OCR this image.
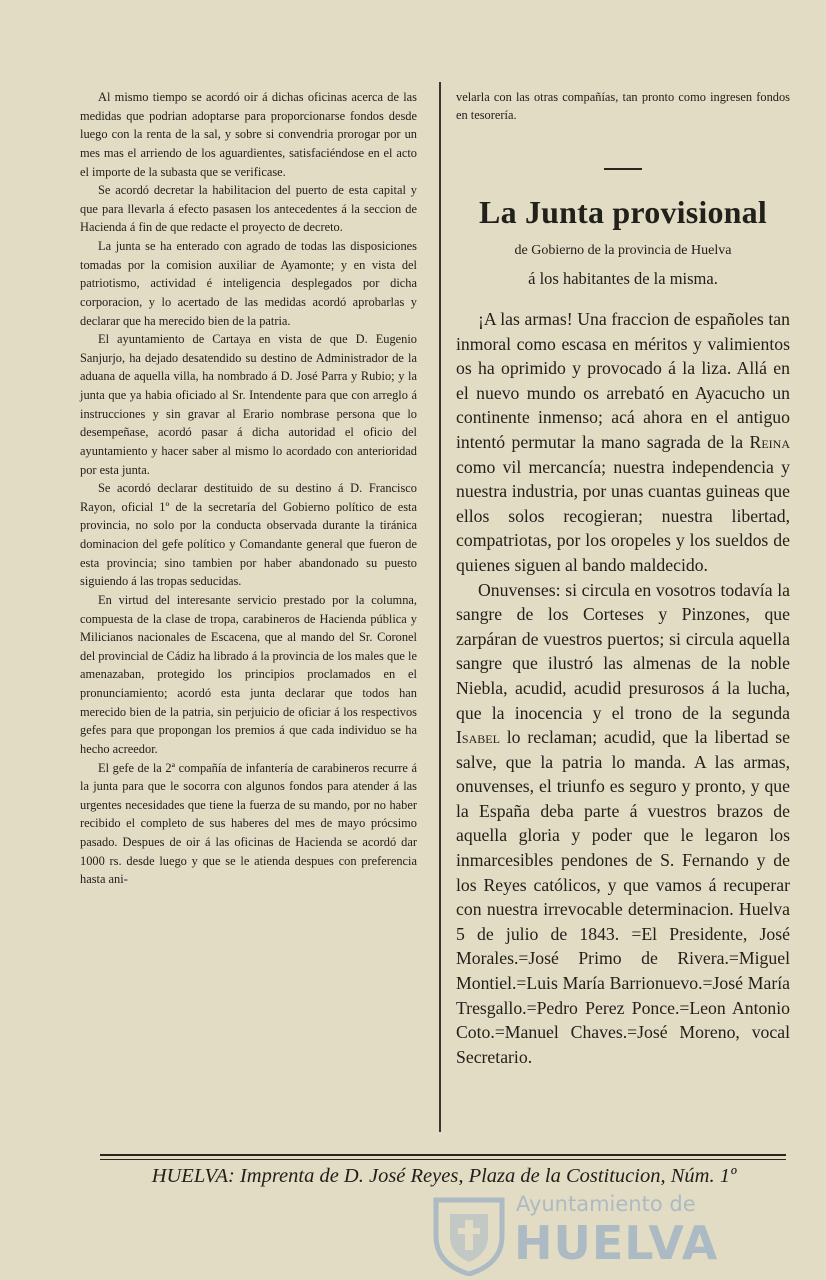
Al mismo tiempo se acordó oir á dichas oficinas acerca de las medidas que podrian adoptarse para proporcionarse fondos desde luego con la renta de la sal, y sobre si convendria prorogar por un mes mas el arriendo de los aguardientes, satisfaciéndose en el acto el importe de la subasta que se verificase.

Se acordó decretar la habilitacion del puerto de esta capital y que para llevarla á efecto pasasen los antecedentes á la seccion de Hacienda á fin de que redacte el proyecto de decreto.

La junta se ha enterado con agrado de todas las disposiciones tomadas por la comision auxiliar de Ayamonte; y en vista del patriotismo, actividad é inteligencia desplegados por dicha corporacion, y lo acertado de las medidas acordó aprobarlas y declarar que ha merecido bien de la patria.

El ayuntamiento de Cartaya en vista de que D. Eugenio Sanjurjo, ha dejado desatendido su destino de Administrador de la aduana de aquella villa, ha nombrado á D. José Parra y Rubio; y la junta que ya habia oficiado al Sr. Intendente para que con arreglo á instrucciones y sin gravar al Erario nombrase persona que lo desempeñase, acordó pasar á dicha autoridad el oficio del ayuntamiento y hacer saber al mismo lo acordado con anterioridad por esta junta.

Se acordó declarar destituido de su destino á D. Francisco Rayon, oficial 1º de la secretaría del Gobierno político de esta provincia, no solo por la conducta observada durante la tiránica dominacion del gefe político y Comandante general que fueron de esta provincia; sino tambien por haber abandonado su puesto siguiendo á las tropas seducidas.

En virtud del interesante servicio prestado por la columna, compuesta de la clase de tropa, carabineros de Hacienda pública y Milicianos nacionales de Escacena, que al mando del Sr. Coronel del provincial de Cádiz ha librado á la provincia de los males que le amenazaban, protegido los principios proclamados en el pronunciamiento; acordó esta junta declarar que todos han merecido bien de la patria, sin perjuicio de oficiar á los respectivos gefes para que propongan los premios á que cada individuo se ha hecho acreedor.

El gefe de la 2ª compañía de infantería de carabineros recurre á la junta para que le socorra con algunos fondos para atender á las urgentes necesidades que tiene la fuerza de su mando, por no haber recibido el completo de sus haberes del mes de mayo prócsimo pasado. Despues de oir á las oficinas de Hacienda se acordó dar 1000 rs. desde luego y que se le atienda despues con preferencia hasta ani-

velarla con las otras compañías, tan pronto como ingresen fondos en tesorería.

La Junta provisional
de Gobierno de la provincia de Huelva
á los habitantes de la misma.

¡A las armas! Una fraccion de españoles tan inmoral como escasa en méritos y valimientos os ha oprimido y provocado á la liza. Allá en el nuevo mundo os arrebató en Ayacucho un continente inmenso; acá ahora en el antiguo intentó permutar la mano sagrada de la Reina como vil mercancía; nuestra independencia y nuestra industria, por unas cuantas guineas que ellos solos recogieran; nuestra libertad, compatriotas, por los oropeles y los sueldos de quienes siguen al bando maldecido.

Onuvenses: si circula en vosotros todavía la sangre de los Corteses y Pinzones, que zarpáran de vuestros puertos; si circula aquella sangre que ilustró las almenas de la noble Niebla, acudid, acudid presurosos á la lucha, que la inocencia y el trono de la segunda Isabel lo reclaman; acudid, que la libertad se salve, que la patria lo manda. A las armas, onuvenses, el triunfo es seguro y pronto, y que la España deba parte á vuestros brazos de aquella gloria y poder que le legaron los inmarcesibles pendones de S. Fernando y de los Reyes católicos, y que vamos á recuperar con nuestra irrevocable determinacion. Huelva 5 de julio de 1843. =El Presidente, José Morales.=José Primo de Rivera.=Miguel Montiel.=Luis María Barrionuevo.=José María Tresgallo.=Pedro Perez Ponce.=Leon Antonio Coto.=Manuel Chaves.=José Moreno, vocal Secretario.

HUELVA: Imprenta de D. José Reyes, Plaza de la Costitucion, Núm. 1º
Ayuntamiento de
HUELVA
